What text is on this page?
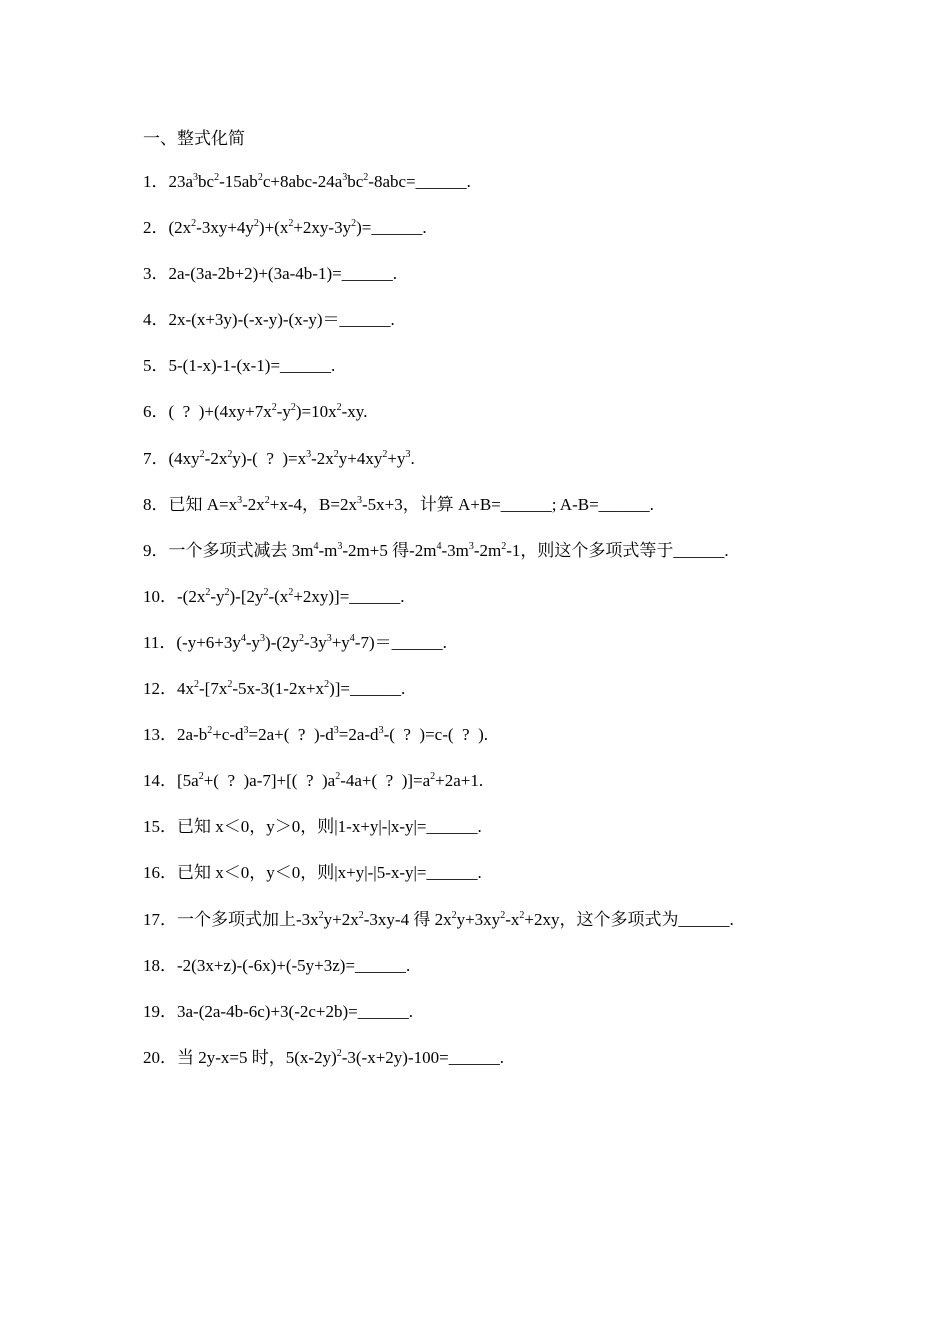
一、整式化简
1．$23a^3bc^2-15ab^2c+8abc-24a^3bc^2-8abc=\_\_\_\_\_\_$.
2．$(2x^2-3xy+4y^2)+(x^2+2xy-3y^2)=\_\_\_\_\_\_$.
3．2a-(3a-2b+2)+(3a-4b-1)=______.
4．2x-(x+3y)-(-x-y)-(x-y)＝______.
5．5-(1-x)-1-(x-1)=______.
6．(  ?  )$+(4xy+7x^2-y^2)=10x^2-xy$.
7．$(4xy^2-2x^2y)-$(  ?  )$=x^3-2x^2y+4xy^2+y^3$.
8．已知 $A=x^3-2x^2+x-4$，$B=2x^3-5x+3$，计算 A+B=______; A-B=______.
9．一个多项式减去 $3m^4-m^3-2m+5$ 得$-2m^4-3m^3-2m^2-1$，则这个多项式等于______.
10．$-(2x^2-y^2)-[2y^2-(x^2+2xy)]=\_\_\_\_\_\_$.
11．$(-y+6+3y^4-y^3)-(2y^2-3y^3+y^4-7)=\_\_\_\_\_\_$.
12．$4x^2-[7x^2-5x-3(1-2x+x^2)]=\_\_\_\_\_\_$.
13．$2a-b^2+c-d^3=2a+$(  ?  )$-d^3=2a-d^3-$(  ?  )=c-(  ?  ).
14．[$5a^2+$(  ?  )a-7]+[(  ?  )$a^2-4a+$(  ?  )]$=a^2+2a+1$.
15．已知 x＜0，y＞0，则|1-x+y|-|x-y|=______.
16．已知 x＜0，y＜0，则|x+y|-|5-x-y|=______.
17．一个多项式加上$-3x^2y+2x^2-3xy-4$ 得 $2x^2y+3xy^2-x^2+2xy$，这个多项式为______.
18．-2(3x+z)-(-6x)+(-5y+3z)=______.
19．3a-(2a-4b-6c)+3(-2c+2b)=______.
20．当 2y-x=5 时，$5(x-2y)^2-3(-x+2y)-100=\_\_\_\_\_\_$.
